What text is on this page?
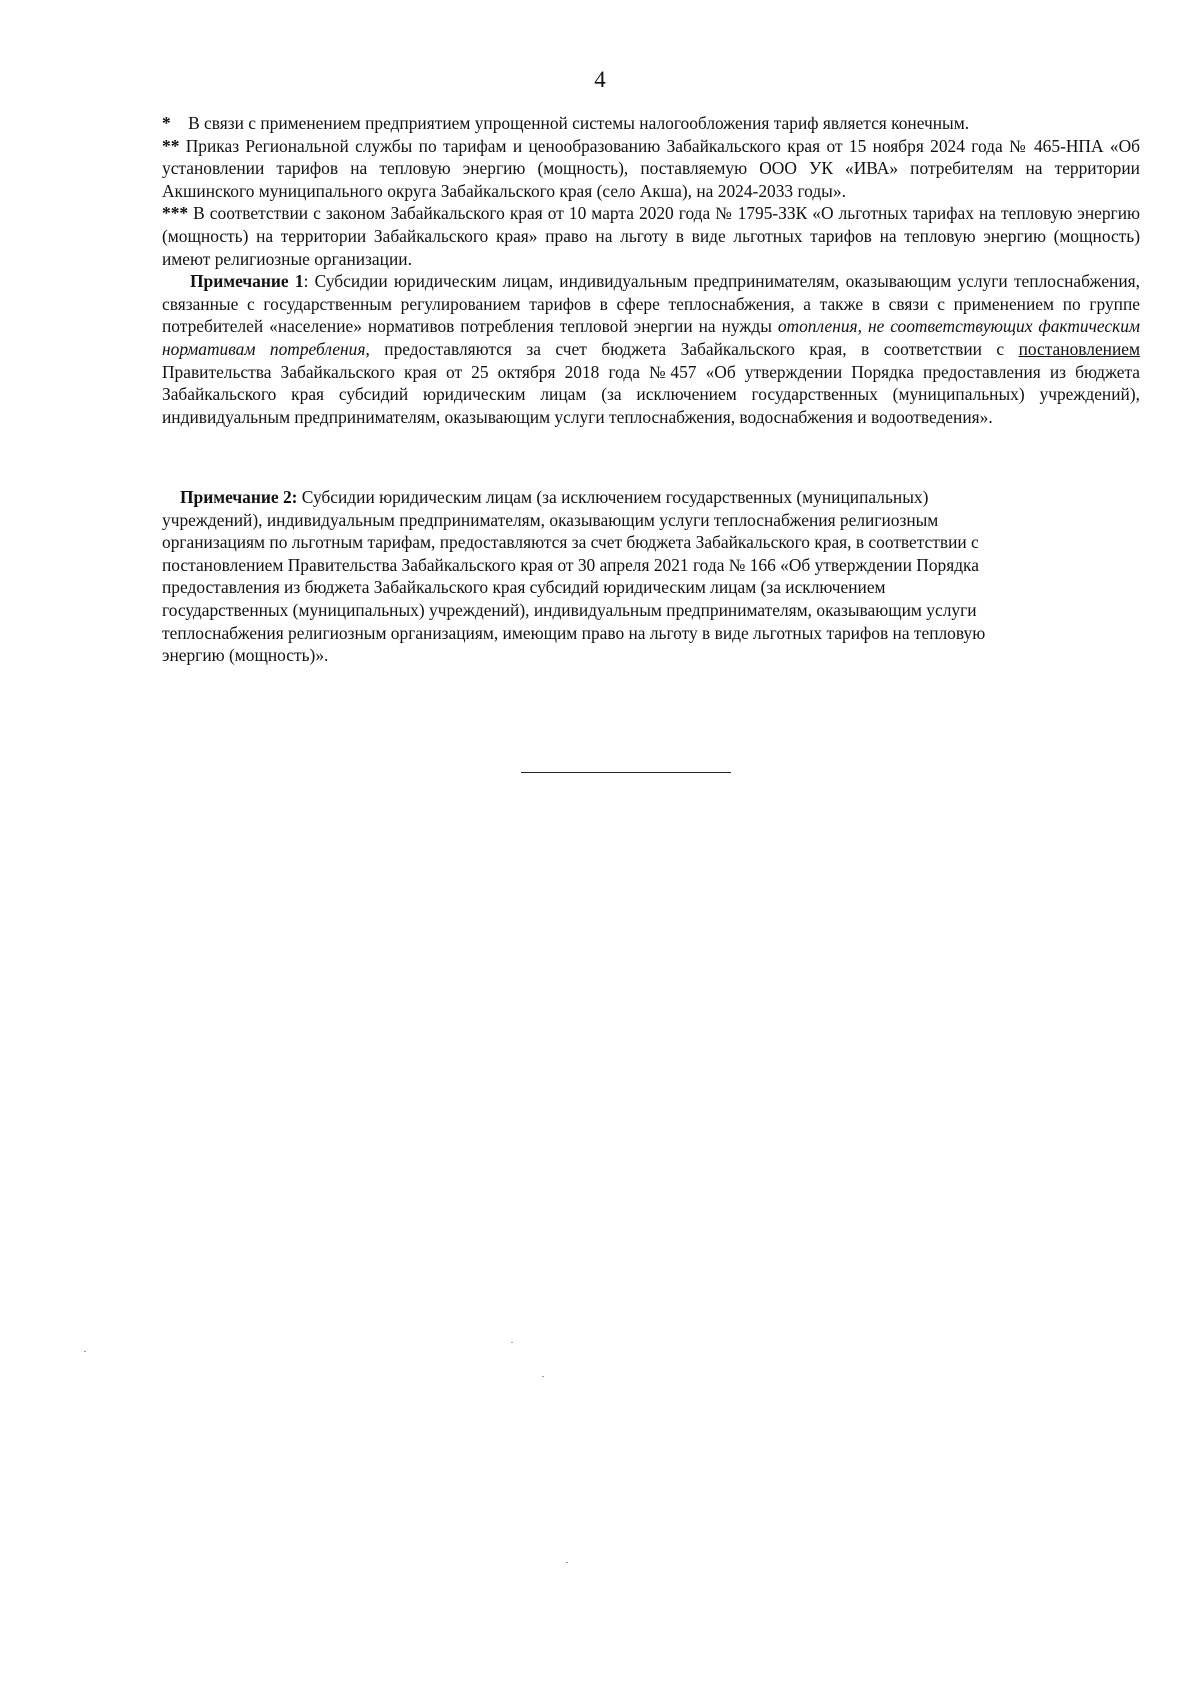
4

* В связи с применением предприятием упрощенной системы налогообложения тариф является конечным.

** Приказ Региональной службы по тарифам и ценообразованию Забайкальского края от 15 ноября 2024 года № 465-НПА «Об установлении тарифов на тепловую энергию (мощность), поставляемую ООО УК «ИВА» потребителям на территории Акшинского муниципального округа Забайкальского края (село Акша), на 2024-2033 годы».

*** В соответствии с законом Забайкальского края от 10 марта 2020 года № 1795-ЗЗК «О льготных тарифах на тепловую энергию (мощность) на территории Забайкальского края» право на льготу в виде льготных тарифов на тепловую энергию (мощность) имеют религиозные организации.

Примечание 1: Субсидии юридическим лицам, индивидуальным предпринимателям, оказывающим услуги теплоснабжения, связанные с государственным регулированием тарифов в сфере теплоснабжения, а также в связи с применением по группе потребителей «население» нормативов потребления тепловой энергии на нужды отопления, не соответствующих фактическим нормативам потребления, предоставляются за счет бюджета Забайкальского края, в соответствии с постановлением Правительства Забайкальского края от 25 октября 2018 года №457 «Об утверждении Порядка предоставления из бюджета Забайкальского края субсидий юридическим лицам (за исключением государственных (муниципальных) учреждений), индивидуальным предпринимателям, оказывающим услуги теплоснабжения, водоснабжения и водоотведения».

Примечание 2: Субсидии юридическим лицам (за исключением государственных (муниципальных)
учреждений), индивидуальным предпринимателям, оказывающим услуги теплоснабжения религиозным
организациям по льготным тарифам, предоставляются за счет бюджета Забайкальского края, в соответствии с
постановлением Правительства Забайкальского края от 30 апреля 2021 года № 166 «Об утверждении Порядка
предоставления из бюджета Забайкальского края субсидий юридическим лицам (за исключением
государственных (муниципальных) учреждений), индивидуальным предпринимателям, оказывающим услуги
теплоснабжения религиозным организациям, имеющим право на льготу в виде льготных тарифов на тепловую
энергию (мощность)».
